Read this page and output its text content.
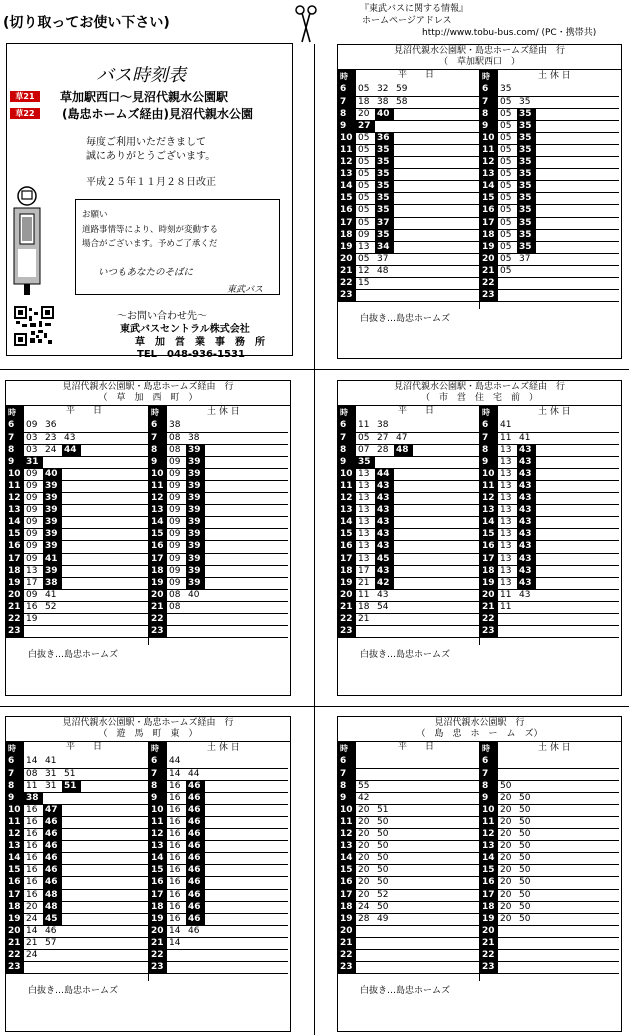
(切り取ってお使い下さい)
『東武バスに関する情報』
ホームページアドレス
http://www.tobu-bus.com/ (PC・携帯共)
バス時刻表
草21	草加駅西口～見沼代親水公園駅
草22	(島忠ホームズ経由)見沼代親水公園
毎度ご利用いただきまして
誠にありがとうございます。
平成２５年１１月２８日改正
お願い
道路事情等により、時刻が変動する
場合がございます。予めご了承くだ
いつもあなたのそばに
東武バス
～お問い合わせ先～
東武バスセントラル株式会社
草　加　営　業　事　務　所
TEL　048-936-1531
見沼代親水公園駅・島忠ホームズ経由　行
（　草加駅西口　）
時	平　　日	時	土 休 日
6	05	32	59	
7	18	38	58	
8	20	40		
9	27			
10	05	36		
11	05	35		
12	05	35		
13	05	35		
14	05	35		
15	05	35		
16	05	35		
17	05	37		
18	09	35		
19	13	34		
20	05	37		
21	12	48		
22	15			
23				
6	35			
7	05	35		
8	05	35		
9	05	35		
10	05	35		
11	05	35		
12	05	35		
13	05	35		
14	05	35		
15	05	35		
16	05	35		
17	05	35		
18	05	35		
19	05	35		
20	05	37		
21	05			
22				
23				
白抜き…島忠ホームズ
見沼代親水公園駅・島忠ホームズ経由　行
（　草　加　西　町　）
時	平　　日	時	土 休 日
6	09	36		
7	03	23	43	
8	03	24	44	
9	31			
10	09	40		
11	09	39		
12	09	39		
13	09	39		
14	09	39		
15	09	39		
16	09	39		
17	09	41		
18	13	39		
19	17	38		
20	09	41		
21	16	52		
22	19			
23				
6	38			
7	08	38		
8	08	39		
9	09	39		
10	09	39		
11	09	39		
12	09	39		
13	09	39		
14	09	39		
15	09	39		
16	09	39		
17	09	39		
18	09	39		
19	09	39		
20	08	40		
21	08			
22				
23				
白抜き…島忠ホームズ
見沼代親水公園駅・島忠ホームズ経由　行
（　市　営　住　宅　前　）
時	平　　日	時	土 休 日
6	11	38		
7	05	27	47	
8	07	28	48	
9	35			
10	13	44		
11	13	43		
12	13	43		
13	13	43		
14	13	43		
15	13	43		
16	13	43		
17	13	45		
18	17	43		
19	21	42		
20	11	43		
21	18	54		
22	21			
23				
6	41			
7	11	41		
8	13	43		
9	13	43		
10	13	43		
11	13	43		
12	13	43		
13	13	43		
14	13	43		
15	13	43		
16	13	43		
17	13	43		
18	13	43		
19	13	43		
20	11	43		
21	11			
22				
23				
白抜き…島忠ホームズ
見沼代親水公園駅・島忠ホームズ経由　行
（　遊　馬　町　東　）
時	平　　日	時	土 休 日
6	14	41		
7	08	31	51	
8	11	31	51	
9	38			
10	16	47		
11	16	46		
12	16	46		
13	16	46		
14	16	46		
15	16	46		
16	16	46		
17	16	48		
18	20	48		
19	24	45		
20	14	46		
21	21	57		
22	24			
23				
6	44			
7	14	44		
8	16	46		
9	16	46		
10	16	46		
11	16	46		
12	16	46		
13	16	46		
14	16	46		
15	16	46		
16	16	46		
17	16	46		
18	16	46		
19	16	46		
20	14	46		
21	14			
22				
23				
白抜き…島忠ホームズ
見沼代親水公園駅　行
（　島　忠　ホ　ー　ム　ズ）
時	平　　日	時	土 休 日
6				
7				
8	55			
9	42			
10	20	51		
11	20	50		
12	20	50		
13	20	50		
14	20	50		
15	20	50		
16	20	50		
17	20	52		
18	24	50		
19	28	49		
20				
21				
22				
23				
6				
7				
8	50			
9	20	50		
10	20	50		
11	20	50		
12	20	50		
13	20	50		
14	20	50		
15	20	50		
16	20	50		
17	20	50		
18	20	50		
19	20	50		
20				
21				
22				
23				
白抜き…島忠ホームズ
